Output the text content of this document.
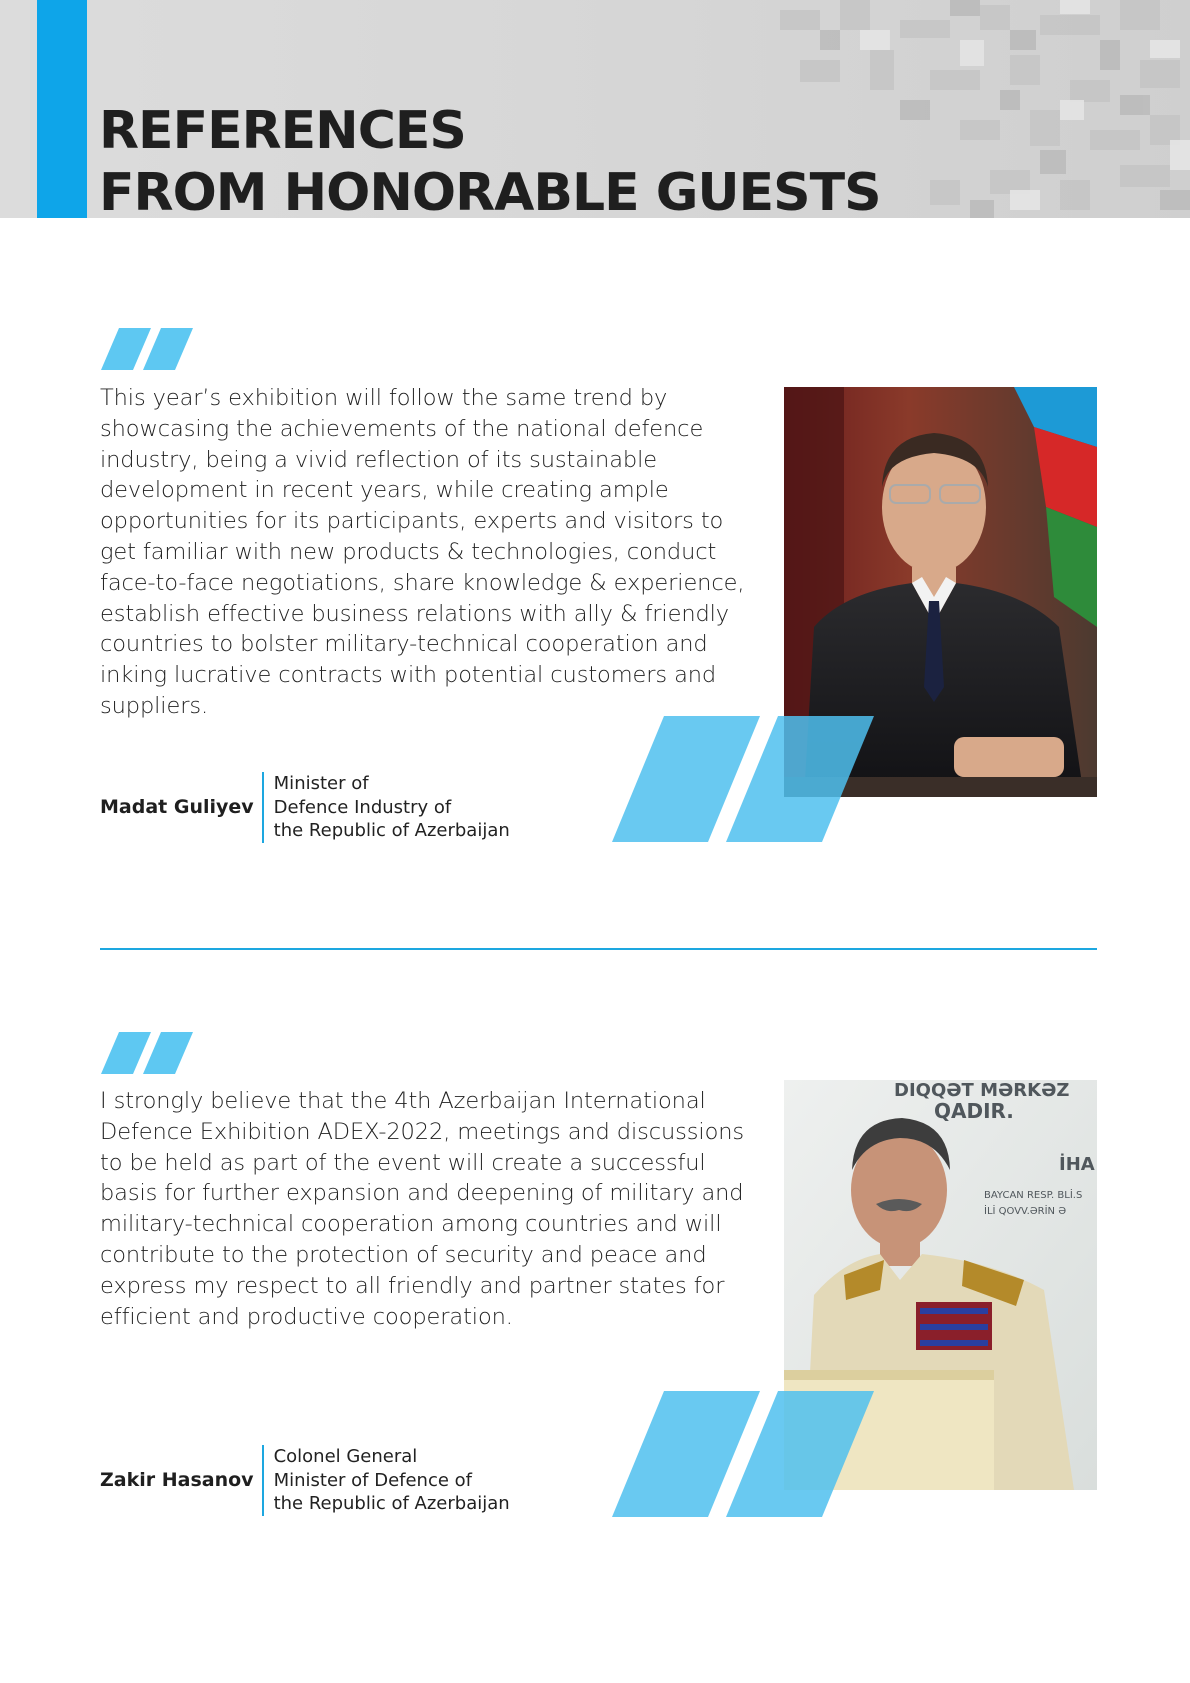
REFERENCES
FROM HONORABLE GUESTS

This year’s exhibition will follow the same trend by showcasing the achievements of the national defence industry, being a vivid reflection of its sustainable development in recent years, while creating ample opportunities for its participants, experts and visitors to get familiar with new products & technologies, conduct face-to-face negotiations, share knowledge & experience, establish effective business relations with ally & friendly countries to bolster military-technical cooperation and inking lucrative contracts with potential customers and suppliers.

Madat Guliyev
Minister of
Defence Industry of
the Republic of Azerbaijan

I strongly believe that the 4th Azerbaijan International Defence Exhibition ADEX-2022, meetings and discussions to be held as part of the event will create a successful basis for further expansion and deepening of military and military-technical cooperation among countries and will contribute to the protection of security and peace and express my respect to all friendly and partner states for efficient and productive cooperation.

DIQQƏT MƏRKƏZ
QADIR.
İHA
BAYCAN RESP. BLİ.S
İLİ QOVV.ƏRİN Ə
Zakir Hasanov
Colonel General
Minister of Defence of
the Republic of Azerbaijan
